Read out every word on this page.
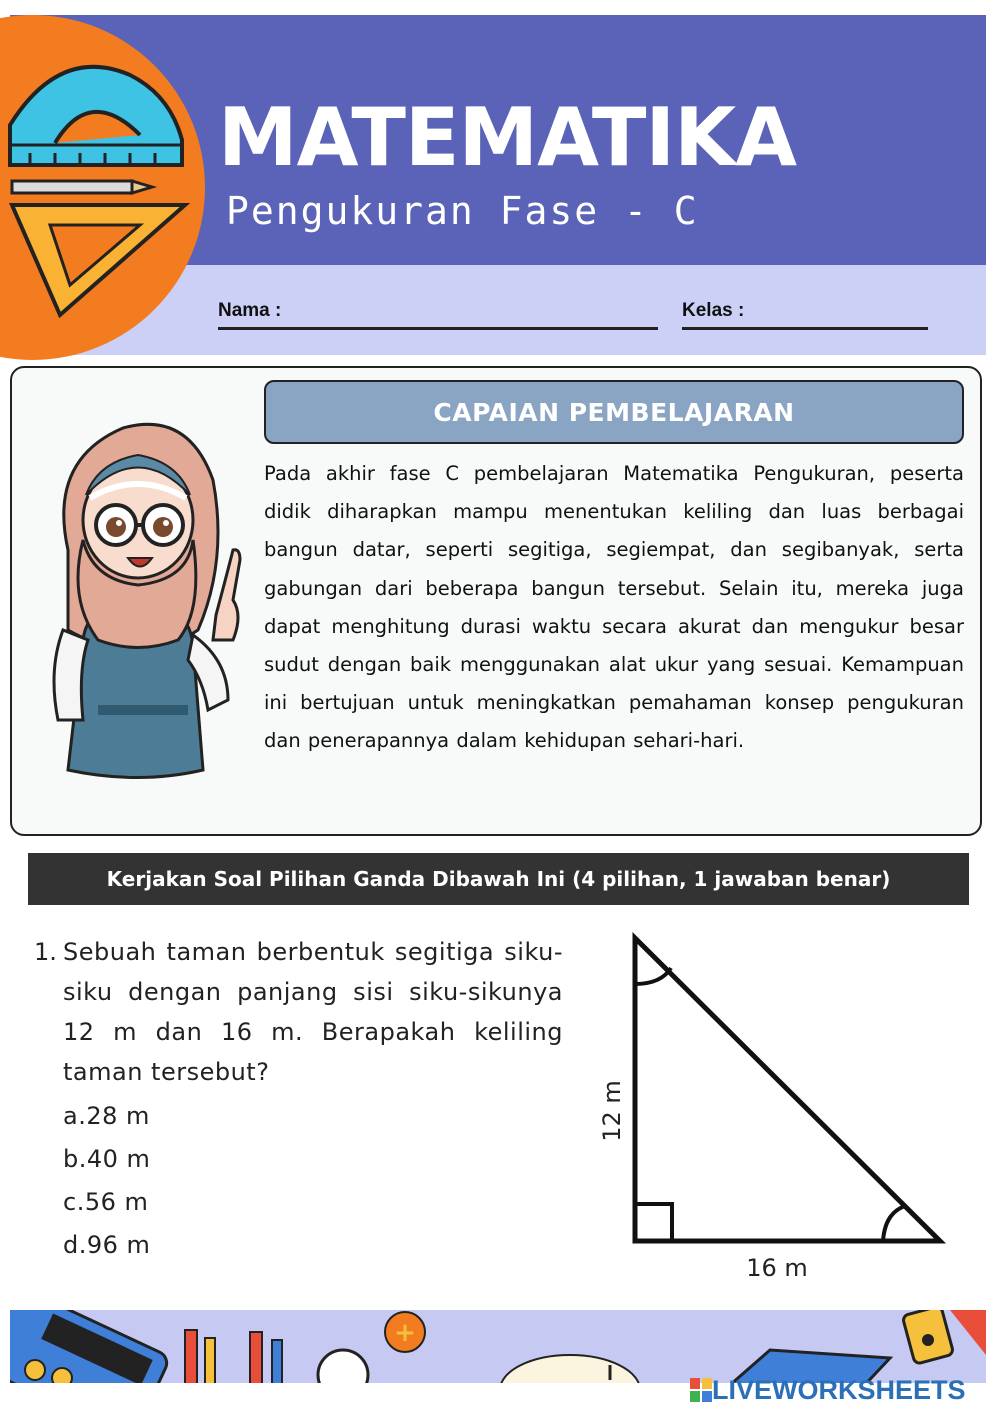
MATEMATIKA
Pengukuran Fase - C
Nama :	Kelas :
CAPAIAN PEMBELAJARAN
Pada akhir fase C pembelajaran Matematika Pengukuran, peserta didik diharapkan mampu menentukan keliling dan luas berbagai bangun datar, seperti segitiga, segiempat, dan segibanyak, serta gabungan dari beberapa bangun tersebut. Selain itu, mereka juga dapat menghitung durasi waktu secara akurat dan mengukur besar sudut dengan baik menggunakan alat ukur yang sesuai. Kemampuan ini bertujuan untuk meningkatkan pemahaman konsep pengukuran dan penerapannya dalam kehidupan sehari-hari.
Kerjakan Soal Pilihan Ganda Dibawah Ini (4 pilihan, 1 jawaban benar)
1. Sebuah taman berbentuk segitiga siku-siku dengan panjang sisi siku-sikunya 12 m dan 16 m. Berapakah keliling taman tersebut?
a.28 m
b.40 m
c.56 m
d.96 m
12 m
16 m
+
LIVEWORKSHEETS
